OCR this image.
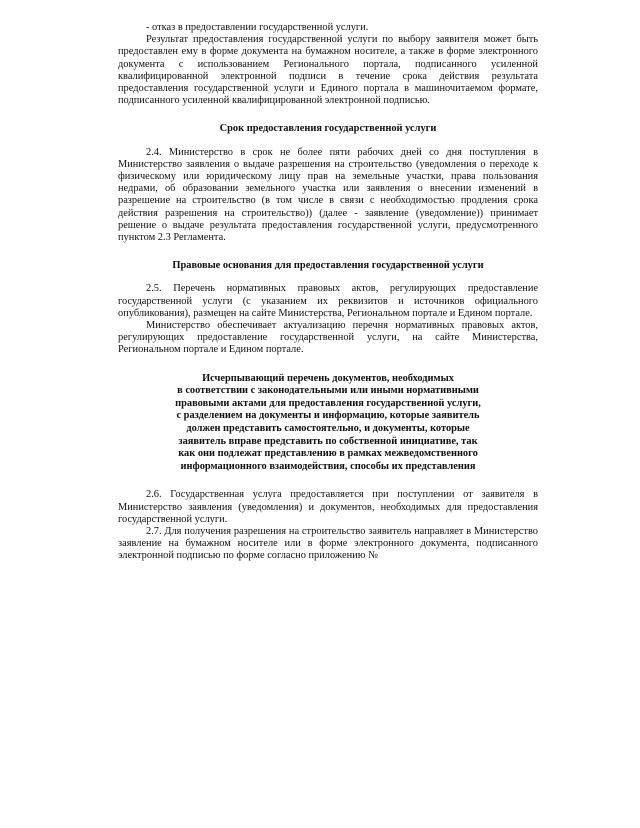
- отказ в предоставлении государственной услуги.

Результат предоставления государственной услуги по выбору заявителя может быть предоставлен ему в форме документа на бумажном носителе, а также в форме электронного документа с использованием Регионального портала, подписанного усиленной квалифицированной электронной подписи в течение срока действия результата предоставления государственной услуги и Единого портала в машиночитаемом формате, подписанного усиленной квалифицированной электронной подписью.

Срок предоставления государственной услуги

2.4. Министерство в срок не более пяти рабочих дней со дня поступления в Министерство заявления о выдаче разрешения на строительство (уведомления о переходе к физическому или юридическому лицу прав на земельные участки, права пользования недрами, об образовании земельного участка или заявления о внесении изменений в разрешение на строительство (в том числе в связи с необходимостью продления срока действия разрешения на строительство)) (далее - заявление (уведомление)) принимает решение о выдаче результата предоставления государственной услуги, предусмотренного пунктом 2.3 Регламента.

Правовые основания для предоставления государственной услуги

2.5. Перечень нормативных правовых актов, регулирующих предоставление государственной услуги (с указанием их реквизитов и источников официального опубликования), размещен на сайте Министерства, Региональном портале и Едином портале.

Министерство обеспечивает актуализацию перечня нормативных правовых актов, регулирующих предоставление государственной услуги, на сайте Министерства, Региональном портале и Едином портале.

Исчерпывающий перечень документов, необходимых
в соответствии с законодательными или иными нормативными
правовыми актами для предоставления государственной услуги,
с разделением на документы и информацию, которые заявитель
должен представить самостоятельно, и документы, которые
заявитель вправе представить по собственной инициативе, так
как они подлежат представлению в рамках межведомственного
информационного взаимодействия, способы их представления

2.6. Государственная услуга предоставляется при поступлении от заявителя в Министерство заявления (уведомления) и документов, необходимых для предоставления государственной услуги.

2.7. Для получения разрешения на строительство заявитель направляет в Министерство заявление на бумажном носителе или в форме электронного документа, подписанного электронной подписью по форме согласно приложению №
